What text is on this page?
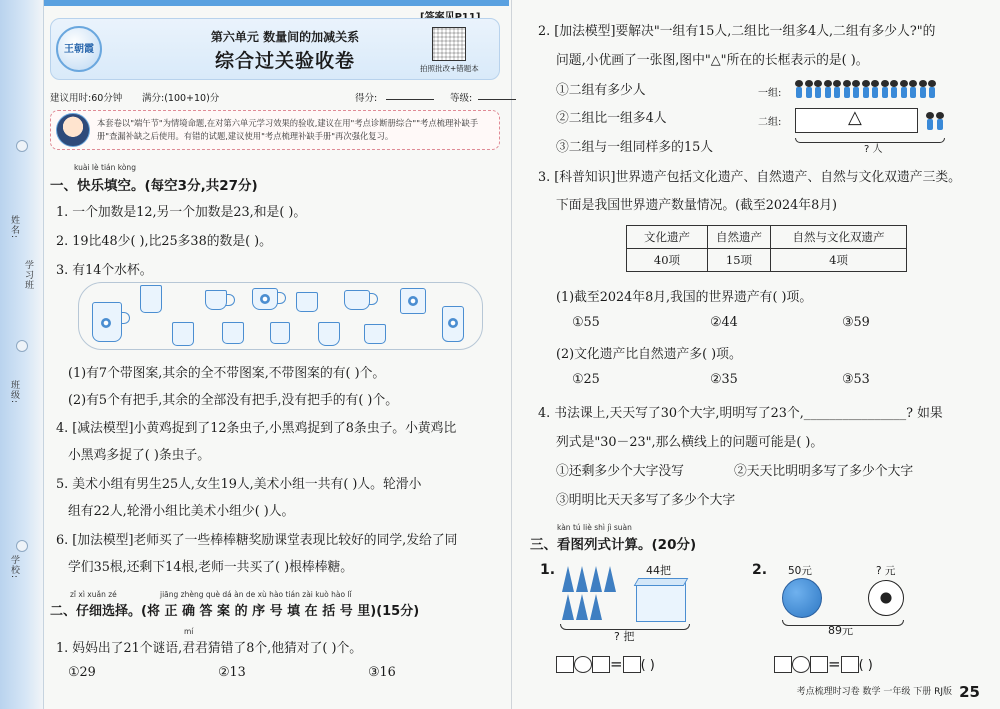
姓名:
学习班
班级:
学校:
王朝霞
第六单元 数量间的加减关系
综合过关验收卷	拍照批改+错题本
建议用时:60分钟 满分:(100+10)分	得分:	等级:
本套卷以"端午节"为情境命题,在对第六单元学习效果的验收,建议在用"考点诊断册综合""考点梳理补缺手册"查漏补缺之后使用。有错的试题,建议使用"考点梳理补缺手册"再次强化复习。
kuài lè tián kòng
一、快乐填空。(每空3分,共27分)
1. 一个加数是12,另一个加数是23,和是( )。
2. 19比48少( ),比25多38的数是( )。
3. 有14个水杯。
(1)有7个带图案,其余的全不带图案,不带图案的有( )个。
(2)有5个有把手,其余的全部没有把手,没有把手的有( )个。
4. [减法模型]小黄鸡捉到了12条虫子,小黑鸡捉到了8条虫子。小黄鸡比
小黑鸡多捉了( )条虫子。
5. 美术小组有男生25人,女生19人,美术小组一共有( )人。轮滑小
组有22人,轮滑小组比美术小组少( )人。
6. [加法模型]老师买了一些棒棒糖奖励课堂表现比较好的同学,发给了同
学们35根,还剩下14根,老师一共买了( )根棒棒糖。
zǐ xì xuǎn zé	jiāng zhèng què dá àn de xù hào tián zài kuò hào lǐ
二、仔细选择。(将 正 确 答 案 的 序 号 填 在 括 号 里)(15分)
mí
1. 妈妈出了21个谜语,君君猜错了8个,他猜对了( )个。
①29	②13	③16
2. [加法模型]要解决"一组有15人,二组比一组多4人,二组有多少人?"的
问题,小优画了一张图,图中"△"所在的长框表示的是( )。
①二组有多少人
②二组比一组多4人
③二组与一组同样多的15人
一组:
二组:	△
? 人
3. [科普知识]世界遗产包括文化遗产、自然遗产、自然与文化双遗产三类。
下面是我国世界遗产数量情况。(截至2024年8月)
文化遗产	自然遗产	自然与文化双遗产
40项	15项	4项
(1)截至2024年8月,我国的世界遗产有( )项。
①55	②44	③59
(2)文化遗产比自然遗产多( )项。
①25	②35	③53
4. 书法课上,天天写了30个大字,明明写了23个,________________? 如果
列式是"30－23",那么横线上的问题可能是( )。
①还剩多少个大字没写	②天天比明明多写了多少个大字
③明明比天天多写了多少个大字
kàn tú liè shì jì suàn
三、看图列式计算。(20分)
1.	44把
? 把
= ( )
2. 50元	? 元
89元
= ( )
考点梳理时习卷 数学 一年级 下册 RJ版 25
